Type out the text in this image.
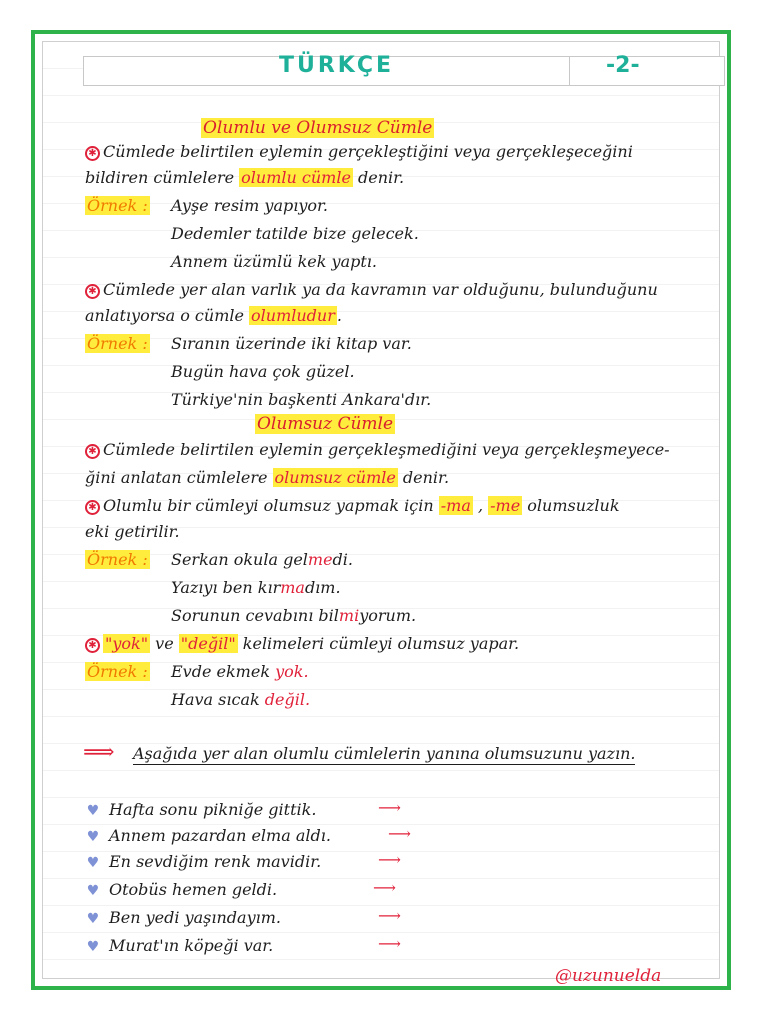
TÜRKÇE	-2-
Olumlu ve Olumsuz Cümle
✱ Cümlede belirtilen eylemin gerçekleştiğini veya gerçekleşeceğini
bildiren cümlelere olumlu cümle denir.
Örnek : Ayşe resim yapıyor.
Dedemler tatilde bize gelecek.
Annem üzümlü kek yaptı.
✱ Cümlede yer alan varlık ya da kavramın var olduğunu, bulunduğunu
anlatıyorsa o cümle olumludur .
Örnek : Sıranın üzerinde iki kitap var.
Bugün hava çok güzel.
Türkiye'nin başkenti Ankara'dır.
Olumsuz Cümle
✱ Cümlede belirtilen eylemin gerçekleşmediğini veya gerçekleşmeyece-
ğini anlatan cümlelere olumsuz cümle denir.
✱ Olumlu bir cümleyi olumsuz yapmak için -ma , -me olumsuzluk
eki getirilir.
Örnek : Serkan okula gelmedi.
Yazıyı ben kırmadım.
Sorunun cevabını bilmiyorum.
✱ "yok" ve "değil" kelimeleri cümleyi olumsuz yapar.
Örnek : Evde ekmek yok.
Hava sıcak değil.
⟹ Aşağıda yer alan olumlu cümlelerin yanına olumsuzunu yazın.
♥ Hafta sonu pikniğe gittik.	⟶
♥ Annem pazardan elma aldı.	⟶
♥ En sevdiğim renk mavidir.	⟶
♥ Otobüs hemen geldi.	⟶
♥ Ben yedi yaşındayım.	⟶
♥ Murat'ın köpeği var.	⟶
@uzunuelda
